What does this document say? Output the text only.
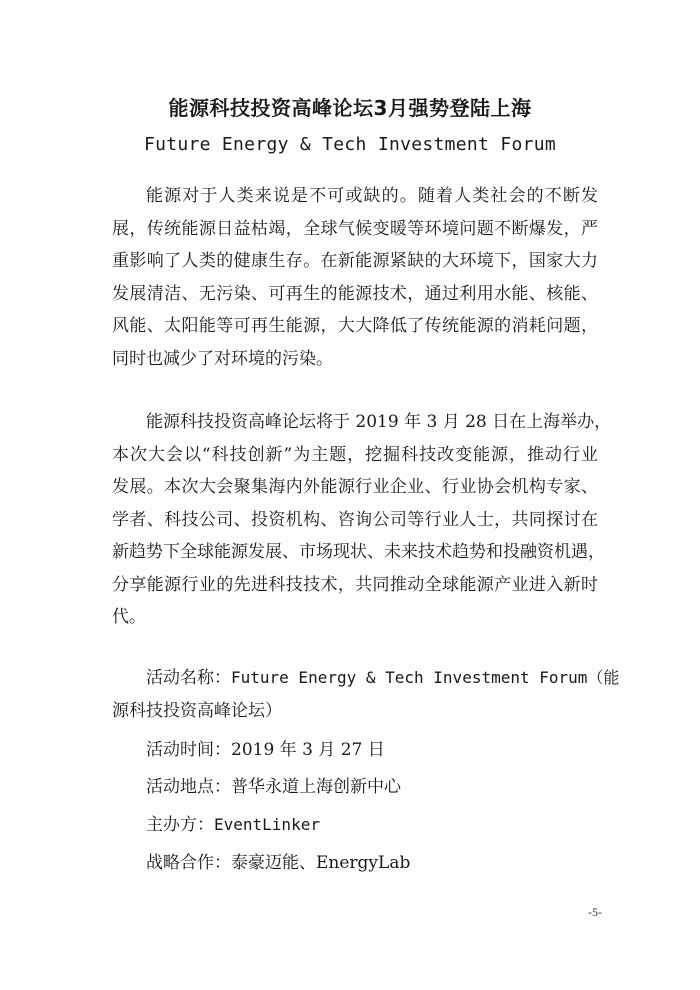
能源科技投资高峰论坛3月强势登陆上海
Future Energy & Tech Investment Forum
能源对于人类来说是不可或缺的。随着人类社会的不断发
展，传统能源日益枯竭，全球气候变暖等环境问题不断爆发，严
重影响了人类的健康生存。在新能源紧缺的大环境下，国家大力
发展清洁、无污染、可再生的能源技术，通过利用水能、核能、
风能、太阳能等可再生能源，大大降低了传统能源的消耗问题，
同时也减少了对环境的污染。
能源科技投资高峰论坛将于 2019 年 3 月 28 日在上海举办，
本次大会以“科技创新”为主题，挖掘科技改变能源，推动行业
发展。本次大会聚集海内外能源行业企业、行业协会机构专家、
学者、科技公司、投资机构、咨询公司等行业人士，共同探讨在
新趋势下全球能源发展、市场现状、未来技术趋势和投融资机遇，
分享能源行业的先进科技技术，共同推动全球能源产业进入新时
代。
活动名称：Future Energy & Tech Investment Forum（能
源科技投资高峰论坛）
活动时间：2019 年 3 月 27 日
活动地点：普华永道上海创新中心
主办方：EventLinker
战略合作：泰豪迈能、EnergyLab
-5-
